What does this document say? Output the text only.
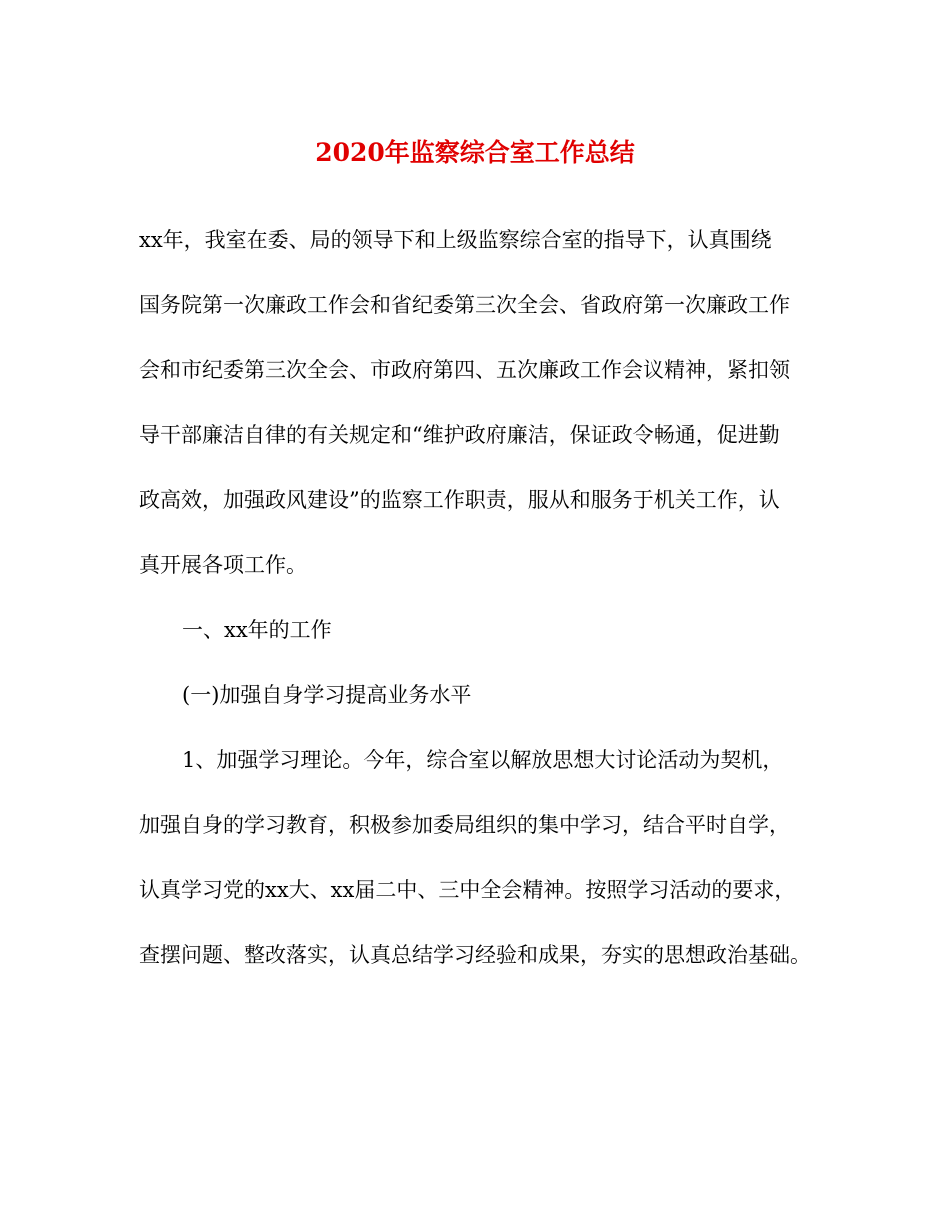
2020年监察综合室工作总结

xx年，我室在委、局的领导下和上级监察综合室的指导下，认真围绕

国务院第一次廉政工作会和省纪委第三次全会、省政府第一次廉政工作

会和市纪委第三次全会、市政府第四、五次廉政工作会议精神，紧扣领

导干部廉洁自律的有关规定和“维护政府廉洁，保证政令畅通，促进勤

政高效，加强政风建设”的监察工作职责，服从和服务于机关工作，认

真开展各项工作。

一、xx年的工作

(一)加强自身学习提高业务水平

1、加强学习理论。今年，综合室以解放思想大讨论活动为契机，

加强自身的学习教育，积极参加委局组织的集中学习，结合平时自学，

认真学习党的xx大、xx届二中、三中全会精神。按照学习活动的要求，

查摆问题、整改落实，认真总结学习经验和成果，夯实的思想政治基础。
